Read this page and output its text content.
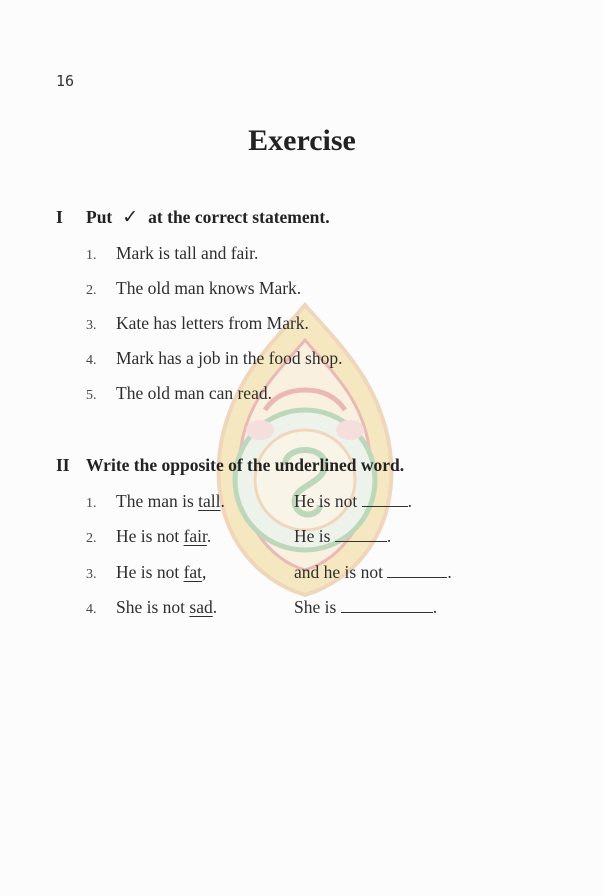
16
Exercise
I Put ✓ at the correct statement.
1. Mark is tall and fair.
2. The old man knows Mark.
3. Kate has letters from Mark.
4. Mark has a job in the food shop.
5. The old man can read.
II Write the opposite of the underlined word.
1. The man is tall.	He is not	.
2. He is not fair.	He is	.
3. He is not fat,	and he is not	.
4. She is not sad.	She is	.
